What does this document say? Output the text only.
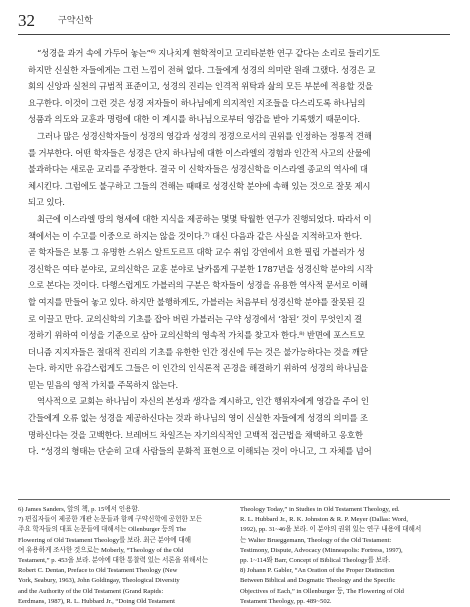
32	구약신학
“성경을 과거 속에 가두어 놓는”⁶⁾ 지나치게 현학적이고 고리타분한 연구 같다는 소리로 들리기도
하지만 신실한 자들에게는 그런 느낌이 전혀 없다. 그들에게 성경의 의미란 원래 그랬다. 성경은 교
회의 신앙과 실천의 규범적 표준이고, 성경의 진리는 인격적 위탁과 삶의 모든 부분에 적용할 것을
요구한다. 이것이 그런 것은 성경 저자들이 하나님에게 의지적인 지조들을 다스리도록 하나님의
성품과 의도와 교훈과 명령에 대한 이 계시를 하나님으로부터 영감을 받아 기록했기 때문이다.
그러나 많은 성경신학자들이 성경의 영감과 성경의 정경으로서의 권위를 인정하는 정통적 견해
를 거부한다. 어떤 학자들은 성경은 단지 하나님에 대한 이스라엘의 경험과 인간적 사고의 산물에
불과하다는 새로운 교리를 주장한다. 결국 이 신학자들은 성경신학을 이스라엘 종교의 역사에 대
체시킨다. 그럼에도 불구하고 그들의 견해는 때때로 성경신학 분야에 속해 있는 것으로 잘못 제시
되고 있다.
최근에 이스라엘 땅의 형세에 대한 지식을 제공하는 몇몇 탁월한 연구가 진행되었다. 따라서 이
책에서는 이 수고를 이중으로 하지는 않을 것이다.⁷⁾ 대신 다음과 같은 사실을 지적하고자 한다.
곧 학자들은 보통 그 유명한 스위스 알트도르프 대학 교수 취임 강연에서 요한 필립 가블러가 성
경신학은 여타 분야로, 교의신학은 교훈 분야로 날카롭게 구분한 1787년을 성경신학 분야의 시작
으로 본다는 것이다. 다행스럽게도 가블러의 구분은 학자들이 성경을 유용한 역사적 문서로 이해
할 여지를 만들어 놓고 있다. 하지만 불행하게도, 가블러는 처음부터 성경신학 분야를 잘못된 길
로 이끌고 만다. 교의신학의 기초를 잡아 버린 가블러는 구약 성경에서 ‘참된’ 것이 무엇인지 결
정하기 위하여 이성을 기준으로 삼아 교의신학의 영속적 가치를 찾고자 한다.⁸⁾ 반면에 포스트모
더니즘 지지자들은 절대적 진리의 기초를 유한한 인간 정신에 두는 것은 불가능하다는 것을 깨닫
는다. 하지만 유감스럽게도 그들은 이 인간의 인식론적 곤경을 해결하기 위하여 성경의 하나님을
믿는 믿음의 영적 가치를 주목하지 않는다.
역사적으로 교회는 하나님이 자신의 본성과 생각을 계시하고, 인간 행위자에게 영감을 주어 인
간들에게 오류 없는 성경을 제공하신다는 것과 하나님의 영이 신실한 자들에게 성경의 의미를 조
명하신다는 것을 고백한다. 브레버드 차일즈는 자기의식적인 고백적 접근법을 채택하고 옹호한
다. “성경의 형태는 단순히 고대 사람들의 문화적 표현으로 이해되는 것이 아니고, 그 자체를 넘어
6) James Sanders, 앞의 책, p. 15에서 인용함.
7) 편집자들이 제공한 개관 논문들과 함께 구약신학에 공헌한 모든
주요 학자들의 대표 논문들에 대해서는 Ollenburger 등의 The
Flowering of Old Testament Theology를 보라. 최근 분야에 대해
여 유용하게 조사한 것으로는 Moberly, “Theology of the Old
Testament,” p. 453을 보라. 분야에 대한 통찰력 있는 서론을 위해서는
Robert C. Dentan, Preface to Old Testament Theology (New
York, Seabury, 1963), John Goldingay, Theological Diversity
and the Authority of the Old Testament (Grand Rapids:
Eerdmans, 1987), R. L. Hubbard Jr., “Doing Old Testament
Theology Today,” in Studies in Old Testament Theology, ed.
R. L. Hubbard Jr., R. K. Johnston & R. P. Meyer (Dallas: Word,
1992), pp. 31~46을 보라. 이 분야의 권위 있는 연구 내용에 대해서
는 Walter Brueggemann, Theology of the Old Testament:
Testimony, Dispute, Advocacy (Minneapolis: Fortress, 1997),
pp. 1~114와 Barr, Concept of Biblical Theology를 보라.
8) Johann P. Gabler, “An Oration of the Proper Distinction
Between Biblical and Dogmatic Theology and the Specific
Objectives of Each,” in Ollenburger 등, The Flowering of Old
Testament Theology, pp. 489~502.
